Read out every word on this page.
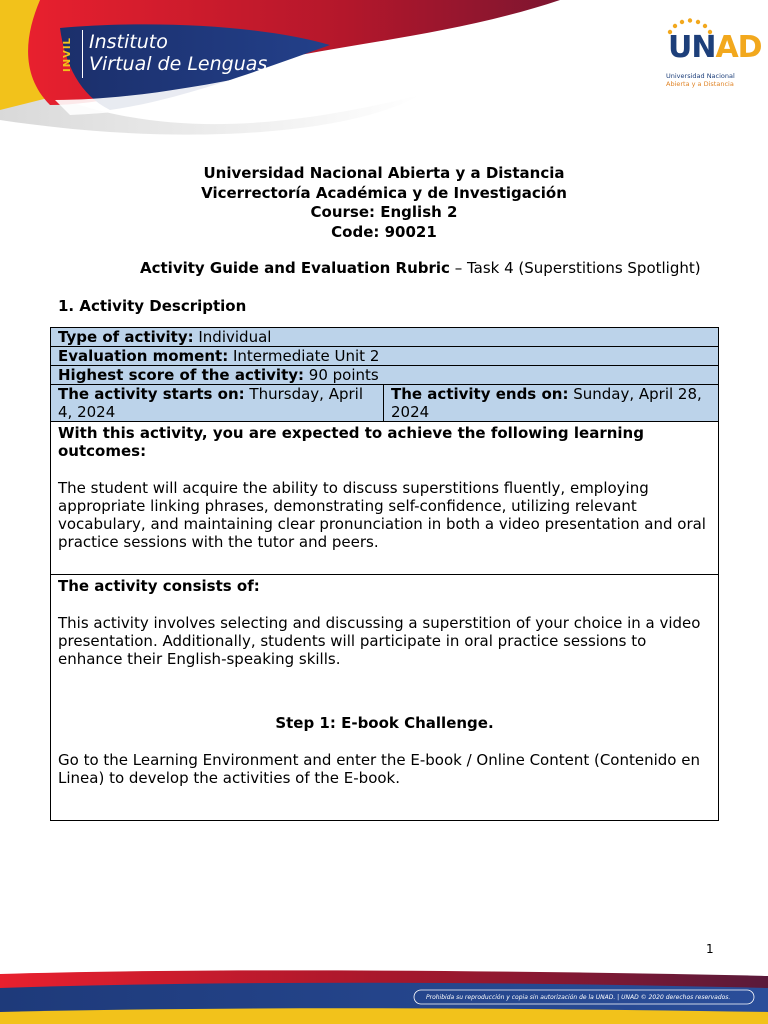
INVIL Instituto
Virtual de Lenguas	UNAD
Universidad Nacional
Abierta y a Distancia
Universidad Nacional Abierta y a Distancia
Vicerrectoría Académica y de Investigación
Course: English 2
Code: 90021
Activity Guide and Evaluation Rubric – Task 4 (Superstitions Spotlight)
1. Activity Description
Type of activity: Individual
Evaluation moment: Intermediate Unit 2
Highest score of the activity: 90 points
The activity starts on: Thursday, April 4, 2024	The activity ends on: Sunday, April 28, 2024

With this activity, you are expected to achieve the following learning outcomes:

The student will acquire the ability to discuss superstitions fluently, employing appropriate linking phrases, demonstrating self-confidence, utilizing relevant vocabulary, and maintaining clear pronunciation in both a video presentation and oral practice sessions with the tutor and peers.

The activity consists of:

This activity involves selecting and discussing a superstition of your choice in a video presentation. Additionally, students will participate in oral practice sessions to enhance their English-speaking skills.

Step 1: E-book Challenge.

Go to the Learning Environment and enter the E-book / Online Content (Contenido en Linea) to develop the activities of the E-book.

1
Prohibida su reproducción y copia sin autorización de la UNAD. | UNAD © 2020 derechos reservados.
